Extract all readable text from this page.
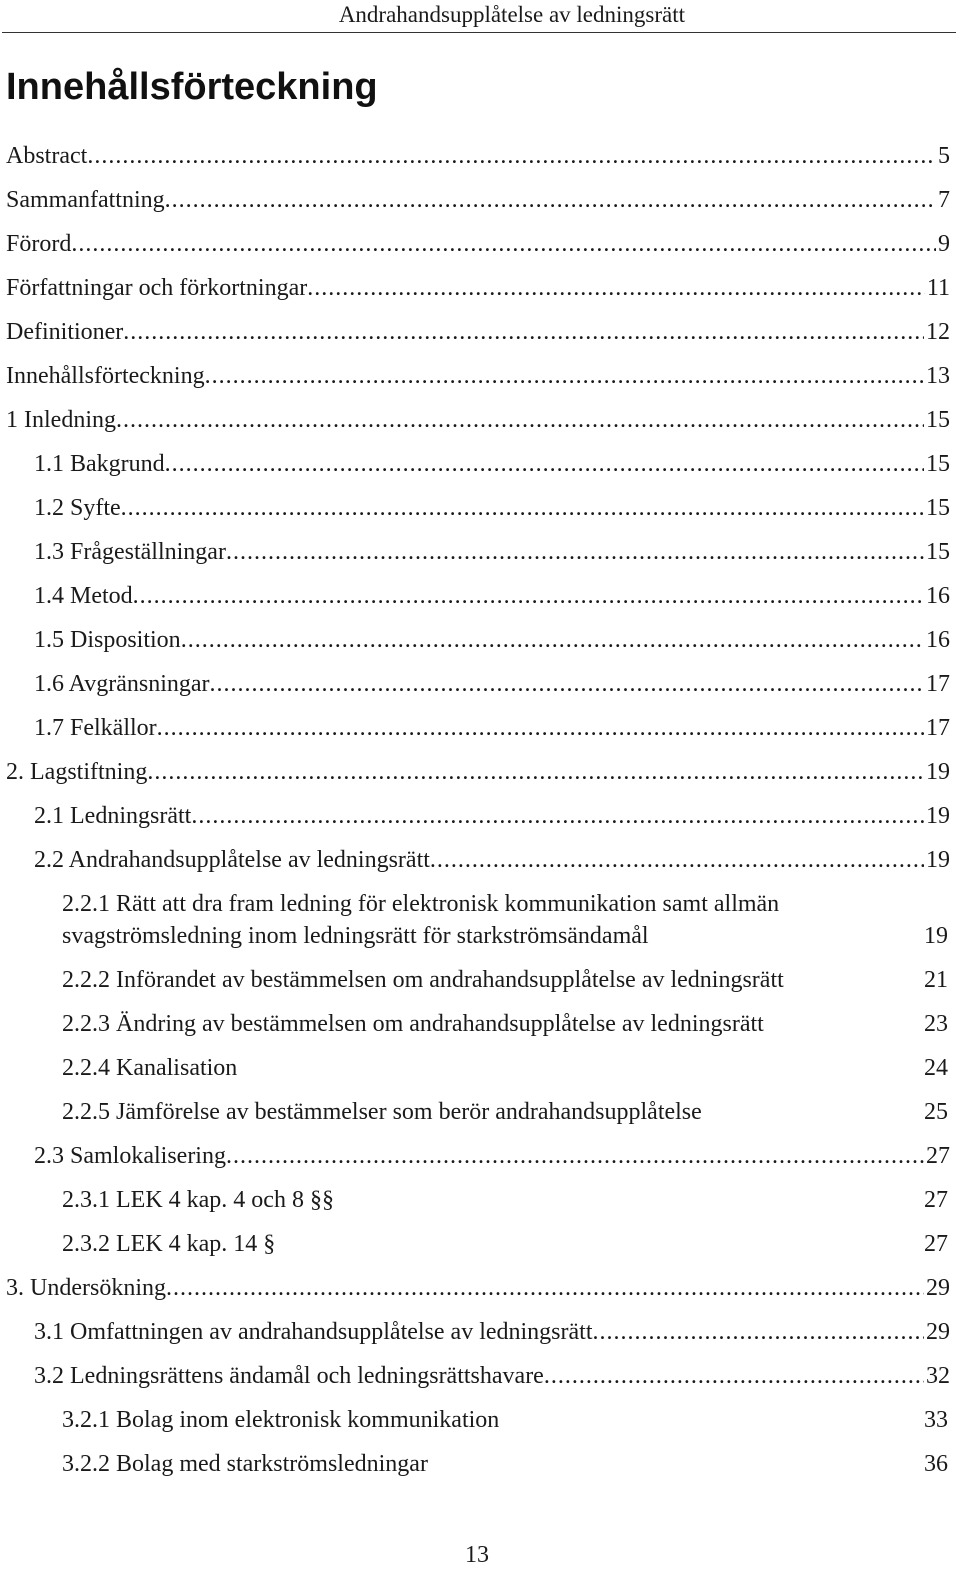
Andrahandsupplåtelse av ledningsrätt
Innehållsförteckning
Abstract .....	5
Sammanfattning .....	7
Förord .....	9
Författningar och förkortningar .....	11
Definitioner .....	12
Innehållsförteckning .....	13
1 Inledning .....	15
1.1 Bakgrund .....	15
1.2 Syfte .....	15
1.3 Frågeställningar .....	15
1.4 Metod .....	16
1.5 Disposition .....	16
1.6 Avgränsningar .....	17
1.7 Felkällor .....	17
2. Lagstiftning .....	19
2.1 Ledningsrätt .....	19
2.2 Andrahandsupplåtelse av ledningsrätt .....	19
2.2.1 Rätt att dra fram ledning för elektronisk kommunikation samt allmän
svagströmsledning inom ledningsrätt för starkströmsändamål	19
2.2.2 Införandet av bestämmelsen om andrahandsupplåtelse av ledningsrätt	21
2.2.3 Ändring av bestämmelsen om andrahandsupplåtelse av ledningsrätt	23
2.2.4 Kanalisation	24
2.2.5 Jämförelse av bestämmelser som berör andrahandsupplåtelse	25
2.3 Samlokalisering .....	27
2.3.1 LEK 4 kap. 4 och 8 §§	27
2.3.2 LEK 4 kap. 14 §	27
3. Undersökning .....	29
3.1 Omfattningen av andrahandsupplåtelse av ledningsrätt .....	29
3.2 Ledningsrättens ändamål och ledningsrättshavare .....	32
3.2.1 Bolag inom elektronisk kommunikation	33
3.2.2 Bolag med starkströmsledningar	36
13
